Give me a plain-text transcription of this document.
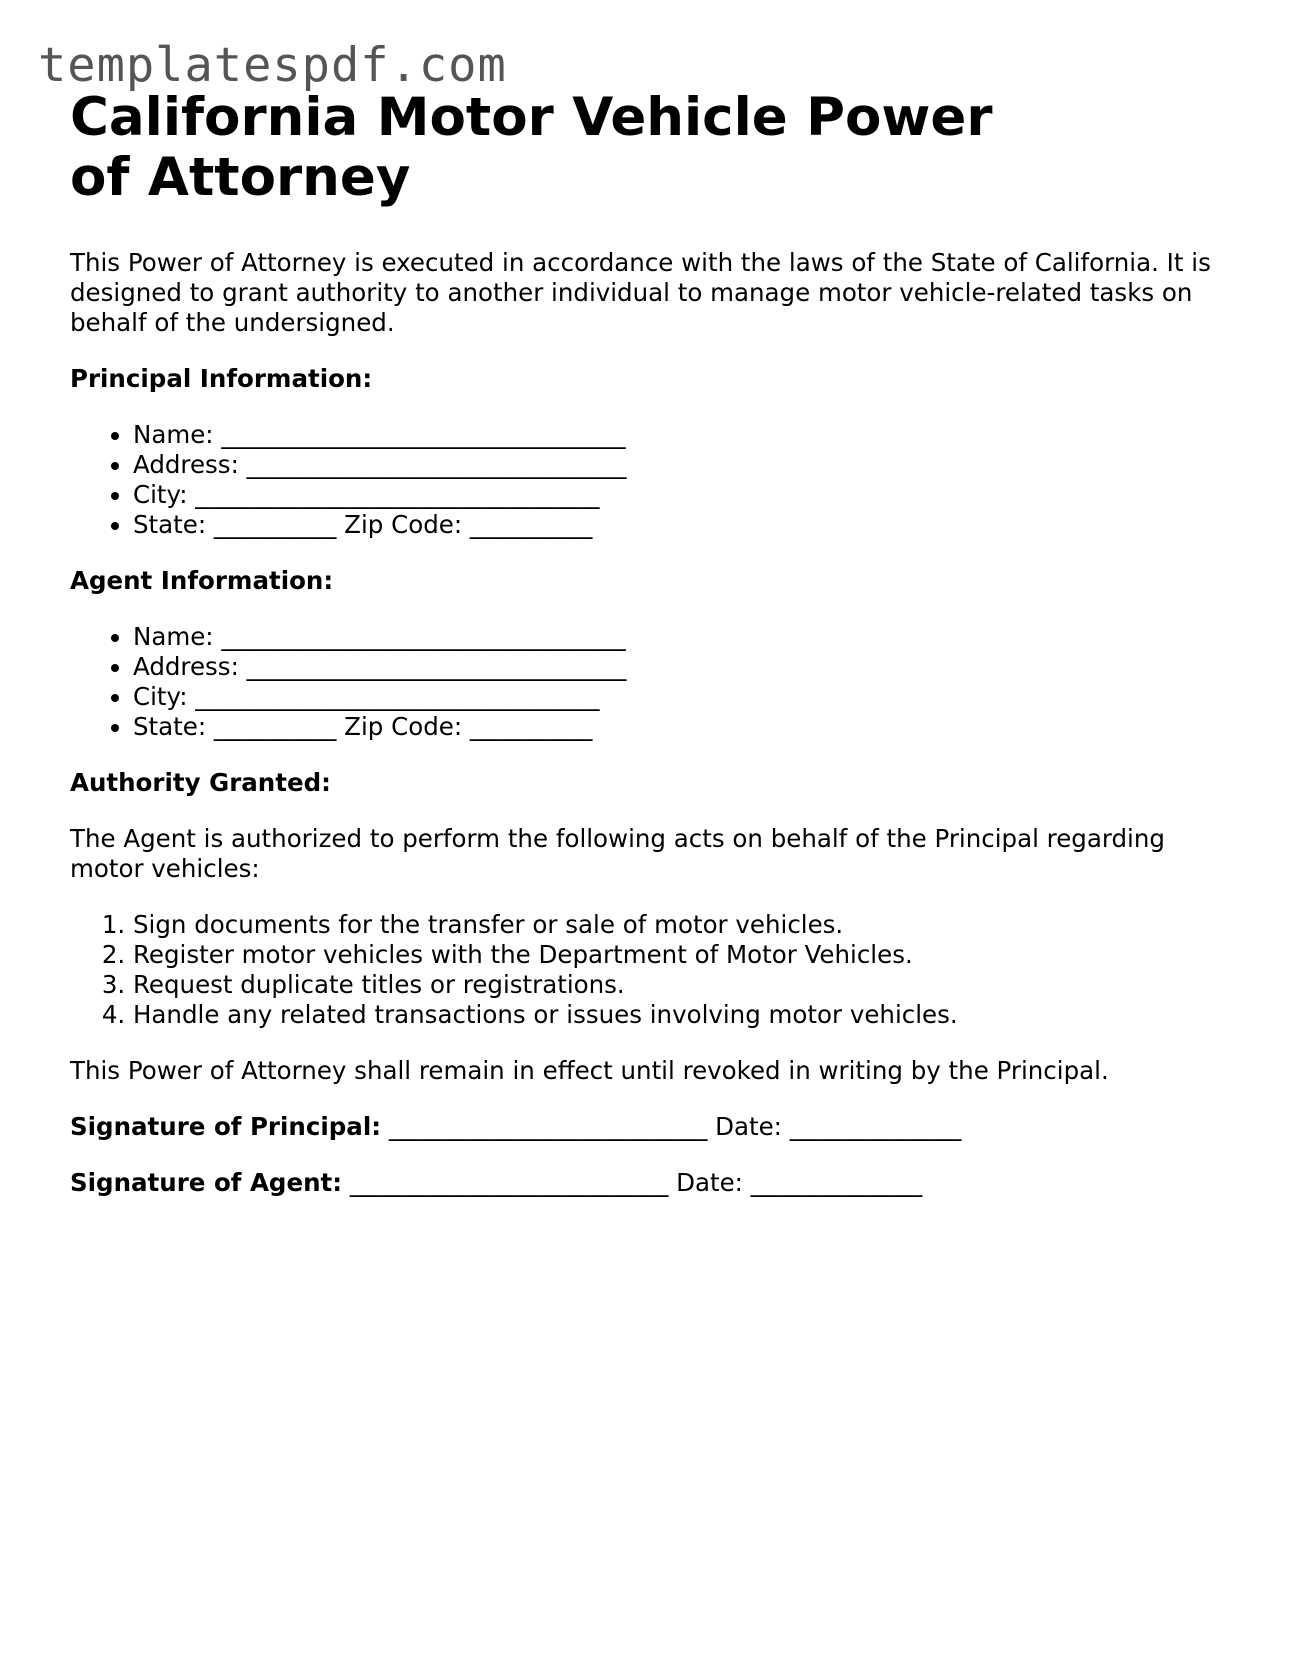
templatespdf.com
California Motor Vehicle Power of Attorney

This Power of Attorney is executed in accordance with the laws of the State of California. It is designed to grant authority to another individual to manage motor vehicle-related tasks on behalf of the undersigned.

Principal Information:
• Name: _________________________________
• Address: _______________________________
• City: _________________________________
• State: __________ Zip Code: __________
Agent Information:
• Name: _________________________________
• Address: _______________________________
• City: _________________________________
• State: __________ Zip Code: __________
Authority Granted:

The Agent is authorized to perform the following acts on behalf of the Principal regarding motor vehicles:

1. Sign documents for the transfer or sale of motor vehicles.
2. Register motor vehicles with the Department of Motor Vehicles.
3. Request duplicate titles or registrations.
4. Handle any related transactions or issues involving motor vehicles.

This Power of Attorney shall remain in effect until revoked in writing by the Principal.

Signature of Principal: __________________________ Date: ______________
Signature of Agent: __________________________ Date: ______________
